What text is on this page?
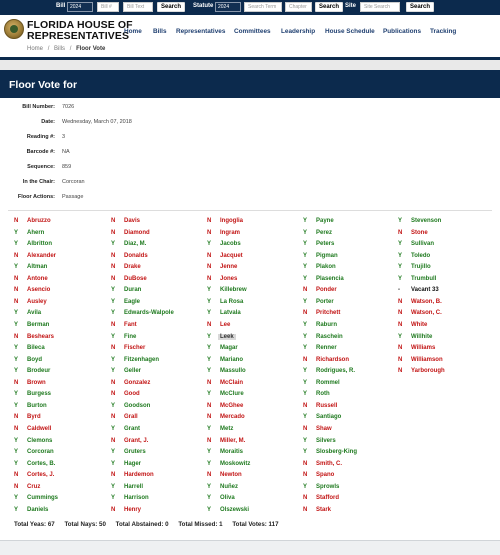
Bill 2024	Bill #	Bill Text	Search	Statute 2024	Search Term	Chapter	Search Site	Site Search	Search
FLORIDA HOUSE OF
REPRESENTATIVES
Home Bills Representatives Committees Leadership House Schedule Publications Tracking
Home / Bills / Floor Vote
Floor Vote for
Bill Number: 7026
Date: Wednesday, March 07, 2018
Reading #: 3
Barcode #: NA
Sequence: 859
In the Chair: Corcoran
Floor Actions: Passage
N	Abruzzo
Y	Ahern
Y	Albritton
N	Alexander
Y	Altman
N	Antone
N	Asencio
N	Ausley
Y	Avila
Y	Berman
N	Beshears
Y	Bileca
Y	Boyd
Y	Brodeur
N	Brown
Y	Burgess
Y	Burton
N	Byrd
N	Caldwell
Y	Clemons
Y	Corcoran
Y	Cortes, B.
N	Cortes, J.
N	Cruz
Y	Cummings
Y	Daniels
N	Davis
N	Diamond
Y	Diaz, M.
N	Donalds
N	Drake
N	DuBose
Y	Duran
Y	Eagle
Y	Edwards-Walpole
N	Fant
Y	Fine
N	Fischer
Y	Fitzenhagen
Y	Geller
N	Gonzalez
N	Good
Y	Goodson
N	Grall
Y	Grant
N	Grant, J.
Y	Gruters
Y	Hager
N	Hardemon
Y	Harrell
Y	Harrison
N	Henry
N	Ingoglia
N	Ingram
Y	Jacobs
N	Jacquet
N	Jenne
N	Jones
Y	Killebrew
Y	La Rosa
Y	Latvala
N	Lee
Y	Leek
Y	Magar
Y	Mariano
Y	Massullo
N	McClain
Y	McClure
N	McGhee
N	Mercado
Y	Metz
N	Miller, M.
Y	Moraitis
Y	Moskowitz
N	Newton
Y	Nuñez
Y	Oliva
Y	Olszewski
Y	Payne
Y	Perez
Y	Peters
Y	Pigman
Y	Plakon
Y	Plasencia
N	Ponder
Y	Porter
N	Pritchett
Y	Raburn
Y	Raschein
Y	Renner
N	Richardson
Y	Rodrigues, R.
Y	Rommel
Y	Roth
N	Russell
Y	Santiago
N	Shaw
Y	Silvers
Y	Slosberg-King
N	Smith, C.
N	Spano
Y	Sprowls
N	Stafford
N	Stark
Y	Stevenson
N	Stone
Y	Sullivan
Y	Toledo
Y	Trujillo
Y	Trumbull
-	Vacant 33
N	Watson, B.
N	Watson, C.
N	White
Y	Willhite
N	Williams
N	Williamson
N	Yarborough
Total Yeas: 67 Total Nays: 50 Total Abstained: 0 Total Missed: 1 Total Votes: 117
